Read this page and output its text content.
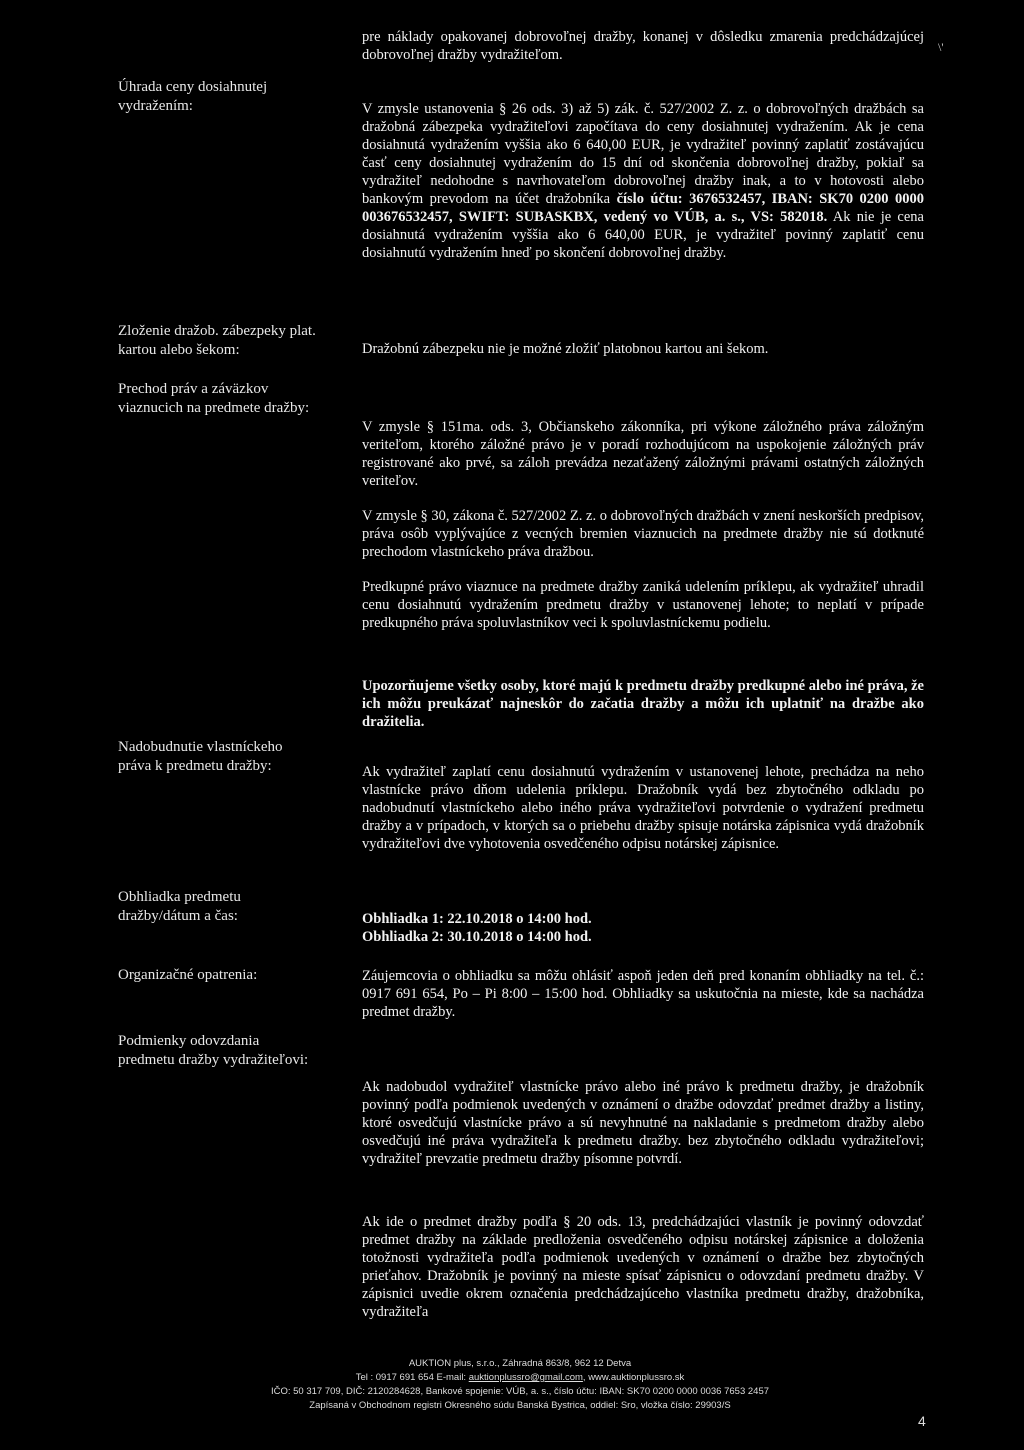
\'
pre náklady opakovanej dobrovoľnej dražby, konanej v dôsledku zmarenia predchádzajúcej dobrovoľnej dražby vydražiteľom.
Úhrada ceny dosiahnutej vydražením:	V zmysle ustanovenia § 26 ods. 3) až 5) zák. č. 527/2002 Z. z. o dobrovoľných dražbách sa dražobná zábezpeka vydražiteľovi započítava do ceny dosiahnutej vydražením. Ak je cena dosiahnutá vydražením vyššia ako 6 640,00 EUR, je vydražiteľ povinný zaplatiť zostávajúcu časť ceny dosiahnutej vydražením do 15 dní od skončenia dobrovoľnej dražby, pokiaľ sa vydražiteľ nedohodne s navrhovateľom dobrovoľnej dražby inak, a to v hotovosti alebo bankovým prevodom na účet dražobníka číslo účtu: 3676532457, IBAN: SK70 0200 0000 003676532457, SWIFT: SUBASKBX, vedený vo VÚB, a. s., VS: 582018. Ak nie je cena dosiahnutá vydražením vyššia ako 6 640,00 EUR, je vydražiteľ povinný zaplatiť cenu dosiahnutú vydražením hneď po skončení dobrovoľnej dražby.
Zloženie dražob. zábezpeky plat. kartou alebo šekom:	Dražobnú zábezpeku nie je možné zložiť platobnou kartou ani šekom.
Prechod práv a záväzkov viaznucich na predmete dražby:
V zmysle § 151ma. ods. 3, Občianskeho zákonníka, pri výkone záložného práva záložným veriteľom, ktorého záložné právo je v poradí rozhodujúcom na uspokojenie záložných práv registrované ako prvé, sa záloh prevádza nezaťažený záložnými právami ostatných záložných veriteľov.
V zmysle § 30, zákona č. 527/2002 Z. z. o dobrovoľných dražbách v znení neskorších predpisov, práva osôb vyplývajúce z vecných bremien viaznucich na predmete dražby nie sú dotknuté prechodom vlastníckeho práva dražbou.
Predkupné právo viaznuce na predmete dražby zaniká udelením príklepu, ak vydražiteľ uhradil cenu dosiahnutú vydražením predmetu dražby v ustanovenej lehote; to neplatí v prípade predkupného práva spoluvlastníkov veci k spoluvlastníckemu podielu.
Upozorňujeme všetky osoby, ktoré majú k predmetu dražby predkupné alebo iné práva, že ich môžu preukázať najneskôr do začatia dražby a môžu ich uplatniť na dražbe ako dražitelia.
Nadobudnutie vlastníckeho práva k predmetu dražby:	Ak vydražiteľ zaplatí cenu dosiahnutú vydražením v ustanovenej lehote, prechádza na neho vlastnícke právo dňom udelenia príklepu. Dražobník vydá bez zbytočného odkladu po nadobudnutí vlastníckeho alebo iného práva vydražiteľovi potvrdenie o vydražení predmetu dražby a v prípadoch, v ktorých sa o priebehu dražby spisuje notárska zápisnica vydá dražobník vydražiteľovi dve vyhotovenia osvedčeného odpisu notárskej zápisnice.
Obhliadka predmetu dražby/dátum a čas:	Obhliadka 1: 22.10.2018 o 14:00 hod.
Obhliadka 2: 30.10.2018 o 14:00 hod.
Organizačné opatrenia:	Záujemcovia o obhliadku sa môžu ohlásiť aspoň jeden deň pred konaním obhliadky na tel. č.: 0917 691 654, Po – Pi 8:00 – 15:00 hod. Obhliadky sa uskutočnia na mieste, kde sa nachádza predmet dražby.
Podmienky odovzdania predmetu dražby vydražiteľovi:
Ak nadobudol vydražiteľ vlastnícke právo alebo iné právo k predmetu dražby, je dražobník povinný podľa podmienok uvedených v oznámení o dražbe odovzdať predmet dražby a listiny, ktoré osvedčujú vlastnícke právo a sú nevyhnutné na nakladanie s predmetom dražby alebo osvedčujú iné práva vydražiteľa k predmetu dražby. bez zbytočného odkladu vydražiteľovi; vydražiteľ prevzatie predmetu dražby písomne potvrdí.
Ak ide o predmet dražby podľa § 20 ods. 13, predchádzajúci vlastník je povinný odovzdať predmet dražby na základe predloženia osvedčeného odpisu notárskej zápisnice a doloženia totožnosti vydražiteľa podľa podmienok uvedených v oznámení o dražbe bez zbytočných prieťahov. Dražobník je povinný na mieste spísať zápisnicu o odovzdaní predmetu dražby. V zápisnici uvedie okrem označenia predchádzajúceho vlastníka predmetu dražby, dražobníka, vydražiteľa
AUKTION plus, s.r.o., Záhradná 863/8, 962 12 Detva
Tel : 0917 691 654 E-mail: auktionplussro@gmail.com, www.auktionplussro.sk
IČO: 50 317 709, DIČ: 2120284628, Bankové spojenie: VÚB, a. s., číslo účtu: IBAN: SK70 0200 0000 0036 7653 2457
Zapísaná v Obchodnom registri Okresného súdu Banská Bystrica, oddiel: Sro, vložka číslo: 29903/S
4
